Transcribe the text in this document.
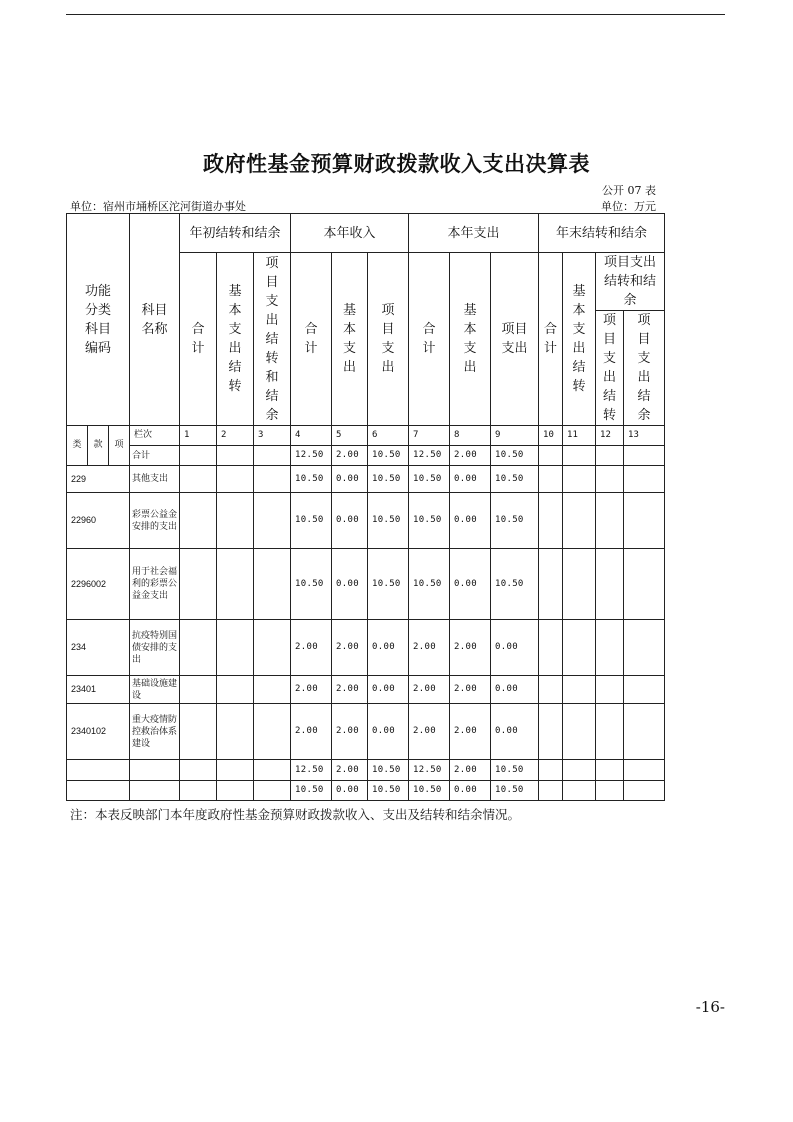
政府性基金预算财政拨款收入支出决算表
公开 07 表
单位：宿州市埇桥区沱河街道办事处	单位：万元
功能分类科目编码			科目名称	年初结转和结余			本年收入			本年支出			年末结转和结余			
				合计	基本支出结转	项目支出结转和结余	合计	基本支出	项目支出	合计	基本支出	项目支出	合计	基本支出结转	项目支出结转和结余	
															项目支出结转	项目支出结余
类	款	项	栏次	1	2	3	4	5	6	7	8	9	10	11	12	13
			合计				12.50	2.00	10.50	12.50	2.00	10.50				
229			其他支出				10.50	0.00	10.50	10.50	0.00	10.50				
22960			彩票公益金安排的支出				10.50	0.00	10.50	10.50	0.00	10.50				
2296002			用于社会福利的彩票公益金支出				10.50	0.00	10.50	10.50	0.00	10.50				
234			抗疫特别国债安排的支出				2.00	2.00	0.00	2.00	2.00	0.00				
23401			基础设施建设				2.00	2.00	0.00	2.00	2.00	0.00				
2340102			重大疫情防控救治体系建设				2.00	2.00	0.00	2.00	2.00	0.00				
							12.50	2.00	10.50	12.50	2.00	10.50				
							10.50	0.00	10.50	10.50	0.00	10.50				
注：本表反映部门本年度政府性基金预算财政拨款收入、支出及结转和结余情况。
-16-
